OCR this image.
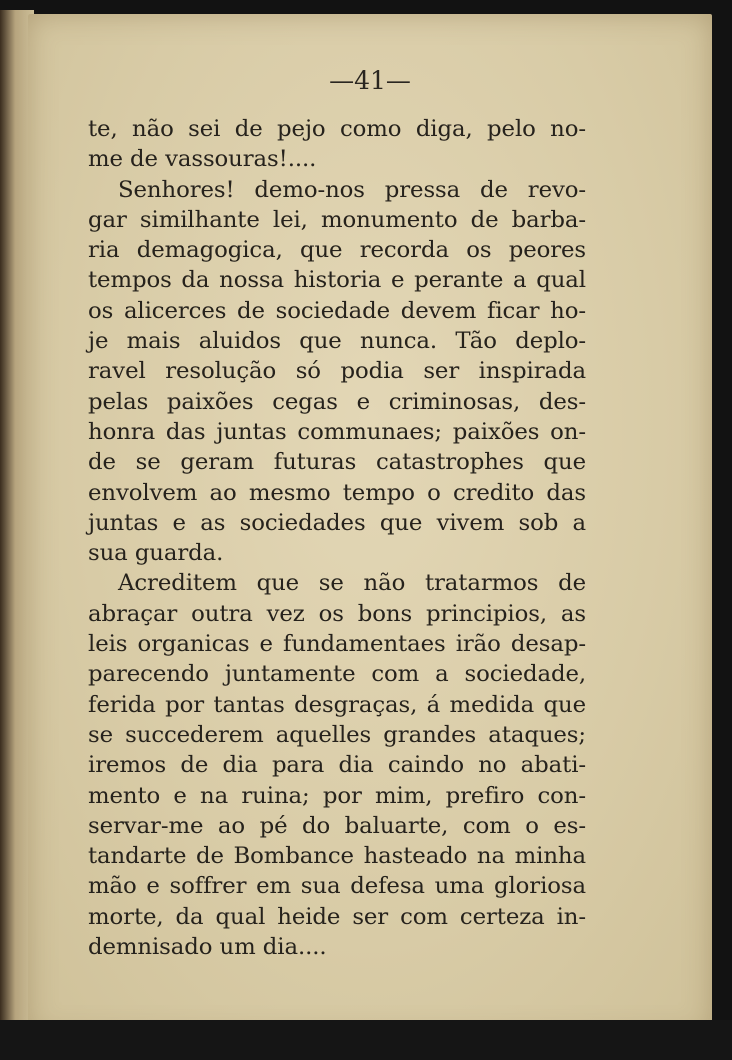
—41—
te, não sei de pejo como diga, pelo no-
me de vassouras!....
Senhores! demo-nos pressa de revo-
gar similhante lei, monumento de barba-
ria demagogica, que recorda os peores
tempos da nossa historia e perante a qual
os alicerces de sociedade devem ficar ho-
je mais aluidos que nunca. Tão deplo-
ravel resolução só podia ser inspirada
pelas paixões cegas e criminosas, des-
honra das juntas communaes; paixões on-
de se geram futuras catastrophes que
envolvem ao mesmo tempo o credito das
juntas e as sociedades que vivem sob a
sua guarda.
Acreditem que se não tratarmos de
abraçar outra vez os bons principios, as
leis organicas e fundamentaes irão desap-
parecendo juntamente com a sociedade,
ferida por tantas desgraças, á medida que
se succederem aquelles grandes ataques;
iremos de dia para dia caindo no abati-
mento e na ruina; por mim, prefiro con-
servar-me ao pé do baluarte, com o es-
tandarte de Bombance hasteado na minha
mão e soffrer em sua defesa uma gloriosa
morte, da qual heide ser com certeza in-
demnisado um dia....
